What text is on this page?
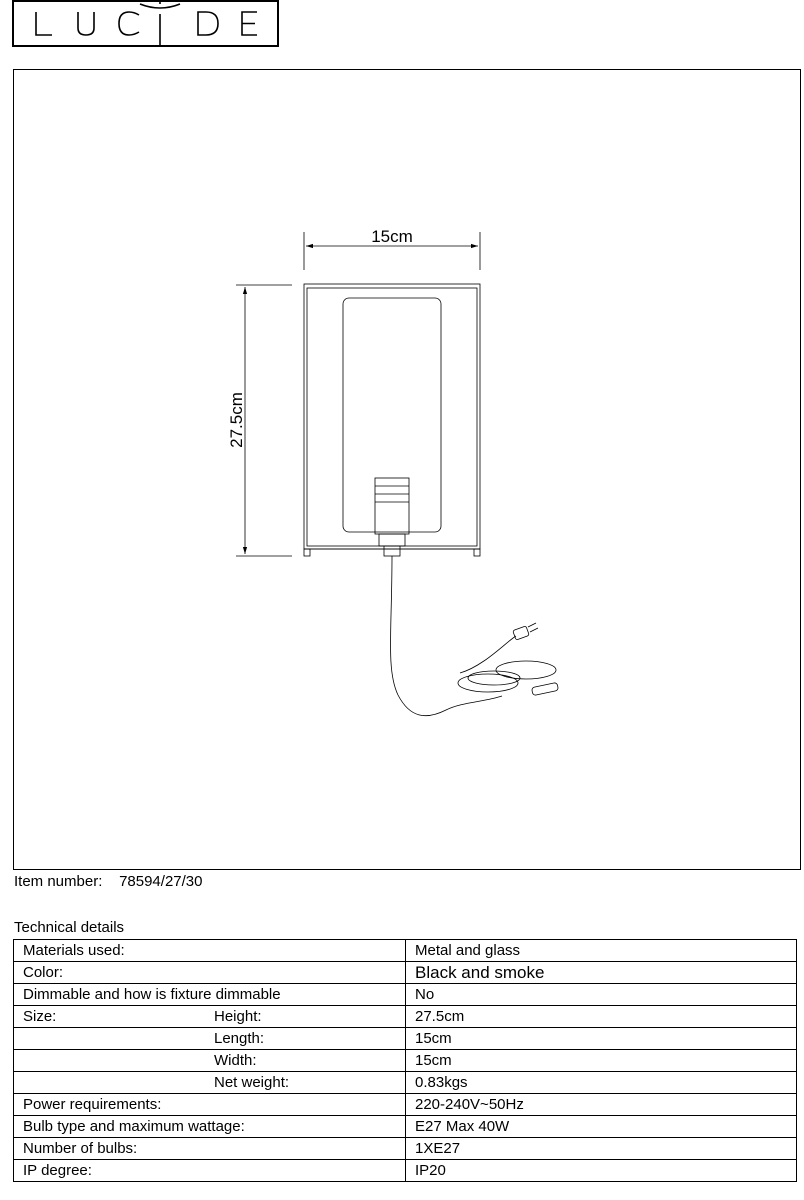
15cm
27.5cm
Item number: 78594/27/30
Technical details
Materials used:	Metal and glass
Color:	Black and smoke
Dimmable and how is fixture dimmable	No
Size: Height:	27.5cm
Length:	15cm
Width:	15cm
Net weight:	0.83kgs
Power requirements:	220-240V~50Hz
Bulb type and maximum wattage:	E27 Max 40W
Number of bulbs:	1XE27
IP degree:	IP20
